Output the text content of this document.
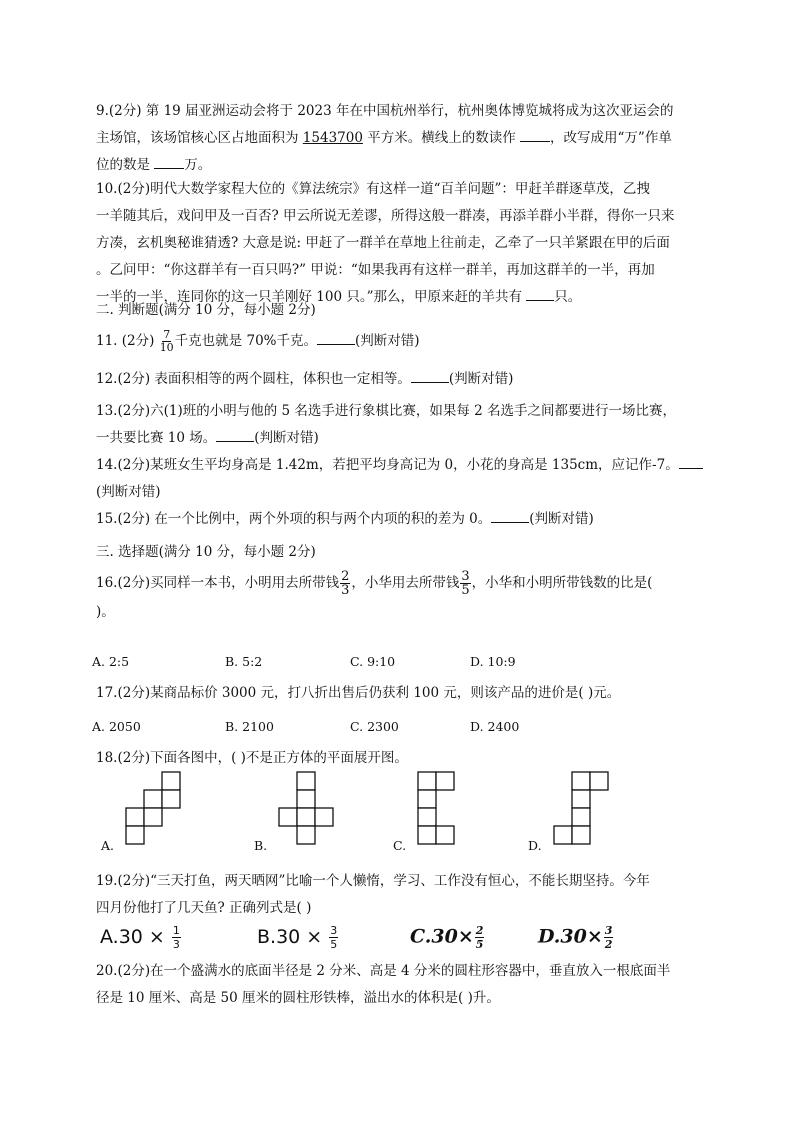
9.(2分) 第 19 届亚洲运动会将于 2023 年在中国杭州举行，杭州奥体博览城将成为这次亚运会的
主场馆，该场馆核心区占地面积为 1543700 平方米。横线上的数读作 ，改写成用“万”作单
位的数是 万。
10.(2分)明代大数学家程大位的《算法统宗》有这样一道“百羊问题”：甲赶羊群逐草茂，乙拽
一羊随其后，戏问甲及一百否? 甲云所说无差谬，所得这般一群凑，再添羊群小半群，得你一只来
方凑，玄机奥秘谁猜透? 大意是说: 甲赶了一群羊在草地上往前走，乙牵了一只羊紧跟在甲的后面
。乙问甲：“你这群羊有一百只吗?” 甲说：“如果我再有这样一群羊，再加这群羊的一半，再加
一半的一半，连同你的这一只羊刚好 100 只。”那么，甲原来赶的羊共有 只。
二. 判断题(满分 10 分，每小题 2分)
11. (2分) $\frac{7}{10}$ 千克也就是 70%千克。	(判断对错)
12.(2分) 表面积相等的两个圆柱，体积也一定相等。	(判断对错)
13.(2分)六(1)班的小明与他的 5 名选手进行象棋比赛，如果每 2 名选手之间都要进行一场比赛，
一共要比赛 10 场。	(判断对错)
14.(2分)某班女生平均身高是 1.42m，若把平均身高记为 0，小花的身高是 135cm，应记作-7。
(判断对错)
15.(2分) 在一个比例中，两个外项的积与两个内项的积的差为 0。	(判断对错)
三. 选择题(满分 10 分，每小题 2分)
16.(2分)买同样一本书，小明用去所带钱 $\frac{2}{3}$ ，小华用去所带钱 $\frac{3}{5}$ ，小华和小明所带钱数的比是(
)。
A. 2:5	B. 5:2	C. 9:10	D. 10:9
17.(2分)某商品标价 3000 元，打八折出售后仍获利 100 元，则该产品的进价是( )元。
A. 2050	B. 2100	C. 2300	D. 2400
18.(2分)下面各图中，( )不是正方体的平面展开图。
A.	B.	C.	D.
19.(2分)“三天打鱼，两天晒网”比喻一个人懒惰，学习、工作没有恒心，不能长期坚持。今年
四月份他打了几天鱼? 正确列式是( )
$A.30 \times \frac{1}{3}$	$B.30 \times \frac{3}{5}$	$C.30\times \frac{2}{5}$	$D.30\times \frac{3}{2}$
20.(2分)在一个盛满水的底面半径是 2 分米、高是 4 分米的圆柱形容器中，垂直放入一根底面半
径是 10 厘米、高是 50 厘米的圆柱形铁棒，溢出水的体积是( )升。
